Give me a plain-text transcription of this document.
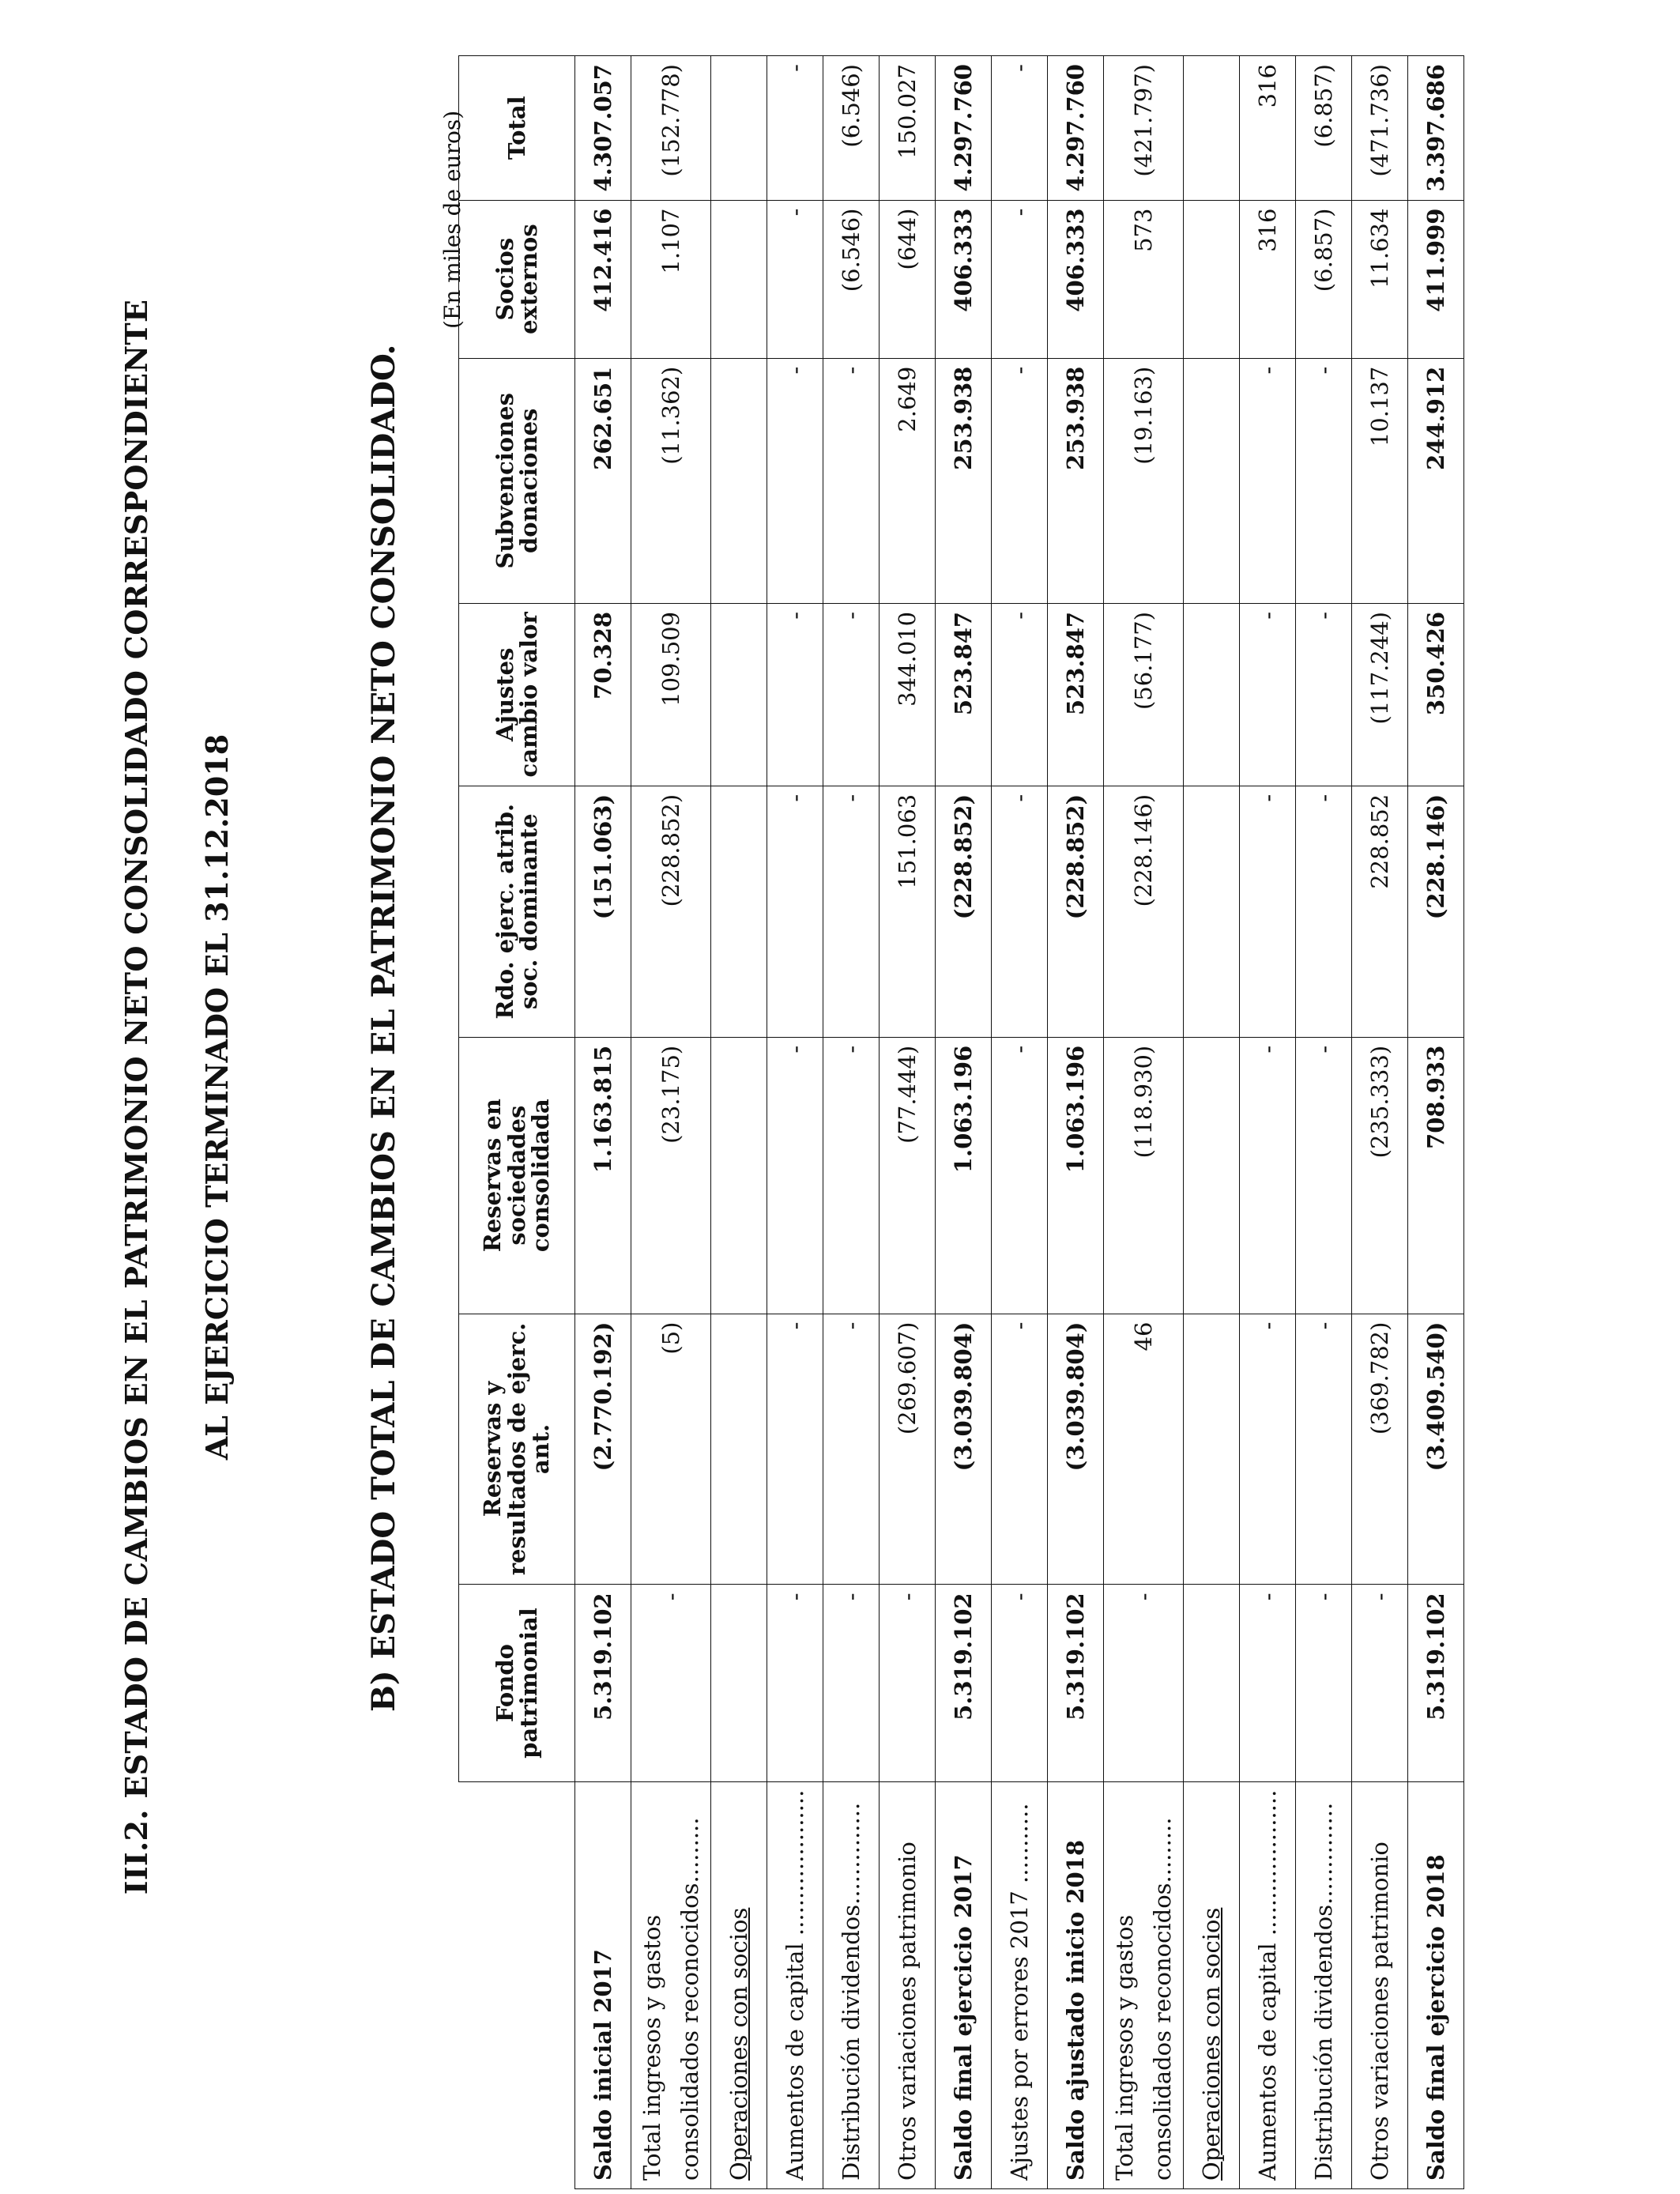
III.2. ESTADO DE CAMBIOS EN EL PATRIMONIO NETO CONSOLIDADO CORRESPONDIENTE AL EJERCICIO TERMINADO EL 31.12.2018	B) ESTADO TOTAL DE CAMBIOS EN EL PATRIMONIO NETO CONSOLIDADO.
(En miles de euros)
	Fondo patrimonial	Reservas y resultados de ejerc. ant.	Reservas en sociedades consolidada	Rdo. ejerc. atrib. soc. dominante	Ajustes cambio valor	Subvenciones donaciones	Socios externos	Total
Saldo inicial 2017	5.319.102	(2.770.192)	1.163.815	(151.063)	70.328	262.651	412.416	4.307.057
Total ingresos y gastos consolidados reconocidos.........	-	(5)	(23.175)	(228.852)	109.509	(11.362)	1.107	(152.778)
Operaciones con socios								
Aumentos de capital ....................	-	-	-	-	-	-	-	-
Distribución dividendos..............	-	-	-	-	-	-	(6.546)	(6.546)
Otros variaciones patrimonio	-	(269.607)	(77.444)	151.063	344.010	2.649	(644)	150.027
Saldo final ejercicio 2017	5.319.102	(3.039.804)	1.063.196	(228.852)	523.847	253.938	406.333	4.297.760
Ajustes por errores 2017 ...........	-	-	-	-	-	-	-	-
Saldo ajustado inicio 2018	5.319.102	(3.039.804)	1.063.196	(228.852)	523.847	253.938	406.333	4.297.760
Total ingresos y gastos consolidados reconocidos.........	-	46	(118.930)	(228.146)	(56.177)	(19.163)	573	(421.797)
Operaciones con socios								
Aumentos de capital ....................	-	-	-	-	-	-	316	316
Distribución dividendos..............	-	-	-	-	-	-	(6.857)	(6.857)
Otros variaciones patrimonio	-	(369.782)	(235.333)	228.852	(117.244)	10.137	11.634	(471.736)
Saldo final ejercicio 2018	5.319.102	(3.409.540)	708.933	(228.146)	350.426	244.912	411.999	3.397.686
